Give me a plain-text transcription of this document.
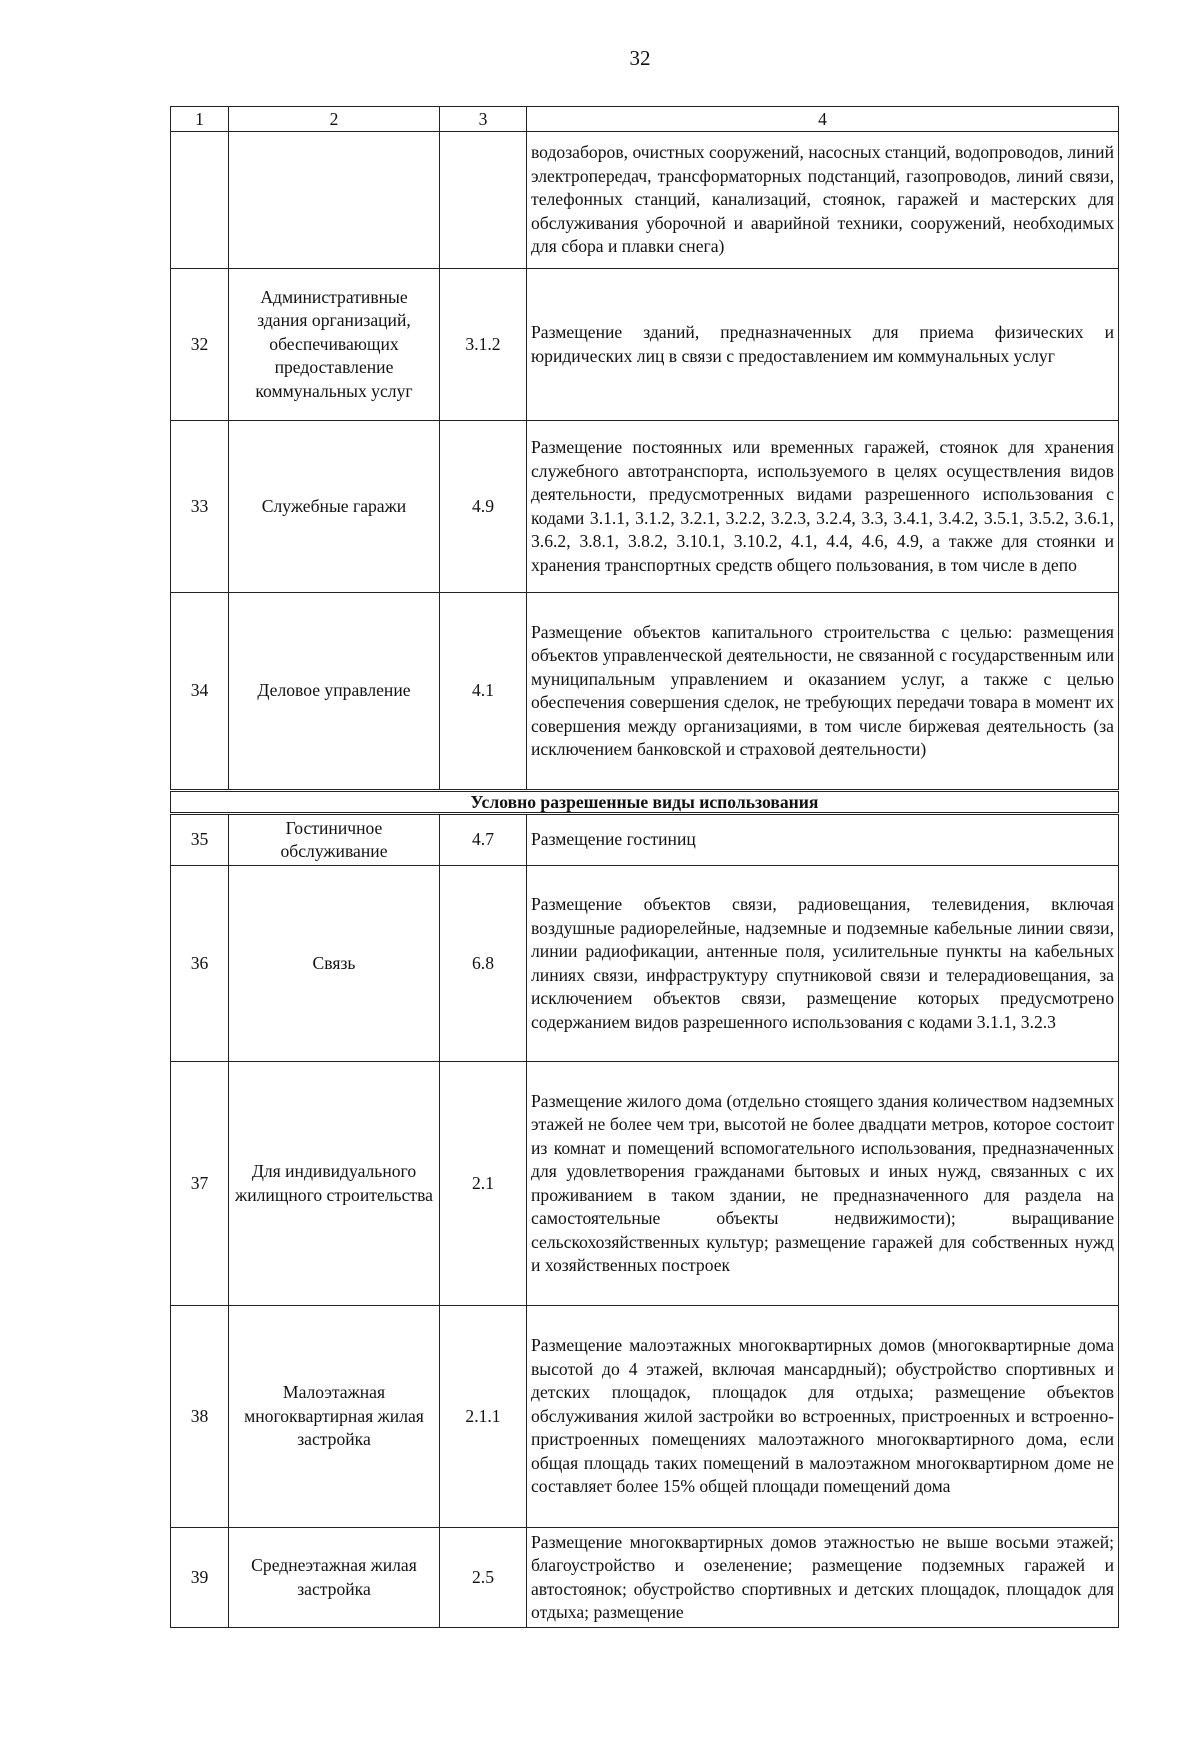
32
1	2	3	4
			водозаборов, очистных сооружений, насосных станций, водопроводов, линий электропередач, трансформаторных подстанций, газопроводов, линий связи, телефонных станций, канализаций, стоянок, гаражей и мастерских для обслуживания уборочной и аварийной техники, сооружений, необходимых для сбора и плавки снега)
32	Административные здания организаций, обеспечивающих предоставление коммунальных услуг	3.1.2	Размещение зданий, предназначенных для приема физических и юридических лиц в связи с предоставлением им коммунальных услуг
33	Служебные гаражи	4.9	Размещение постоянных или временных гаражей, стоянок для хранения служебного автотранспорта, используемого в целях осуществления видов деятельности, предусмотренных видами разрешенного использования с кодами 3.1.1, 3.1.2, 3.2.1, 3.2.2, 3.2.3, 3.2.4, 3.3, 3.4.1, 3.4.2, 3.5.1, 3.5.2, 3.6.1, 3.6.2, 3.8.1, 3.8.2, 3.10.1, 3.10.2, 4.1, 4.4, 4.6, 4.9, а также для стоянки и хранения транспортных средств общего пользования, в том числе в депо
34	Деловое управление	4.1	Размещение объектов капитального строительства с целью: размещения объектов управленческой деятельности, не связанной с государственным или муниципальным управлением и оказанием услуг, а также с целью обеспечения совершения сделок, не требующих передачи товара в момент их совершения между организациями, в том числе биржевая деятельность (за исключением банковской и страховой деятельности)
Условно разрешенные виды использования			
35	Гостиничное обслуживание	4.7	Размещение гостиниц
36	Связь	6.8	Размещение объектов связи, радиовещания, телевидения, включая воздушные радиорелейные, надземные и подземные кабельные линии связи, линии радиофикации, антенные поля, усилительные пункты на кабельных линиях связи, инфраструктуру спутниковой связи и телерадиовещания, за исключением объектов связи, размещение которых предусмотрено содержанием видов разрешенного использования с кодами 3.1.1, 3.2.3
37	Для индивидуального жилищного строительства	2.1	Размещение жилого дома (отдельно стоящего здания количеством надземных этажей не более чем три, высотой не более двадцати метров, которое состоит из комнат и помещений вспомогательного использования, предназначенных для удовлетворения гражданами бытовых и иных нужд, связанных с их проживанием в таком здании, не предназначенного для раздела на самостоятельные объекты недвижимости); выращивание сельскохозяйственных культур; размещение гаражей для собственных нужд и хозяйственных построек
38	Малоэтажная многоквартирная жилая застройка	2.1.1	Размещение малоэтажных многоквартирных домов (многоквартирные дома высотой до 4 этажей, включая мансардный); обустройство спортивных и детских площадок, площадок для отдыха; размещение объектов обслуживания жилой застройки во встроенных, пристроенных и встроенно-пристроенных помещениях малоэтажного многоквартирного дома, если общая площадь таких помещений в малоэтажном многоквартирном доме не составляет более 15% общей площади помещений дома
39	Среднеэтажная жилая застройка	2.5	Размещение многоквартирных домов этажностью не выше восьми этажей; благоустройство и озеленение; размещение подземных гаражей и автостоянок; обустройство спортивных и детских площадок, площадок для отдыха; размещение
